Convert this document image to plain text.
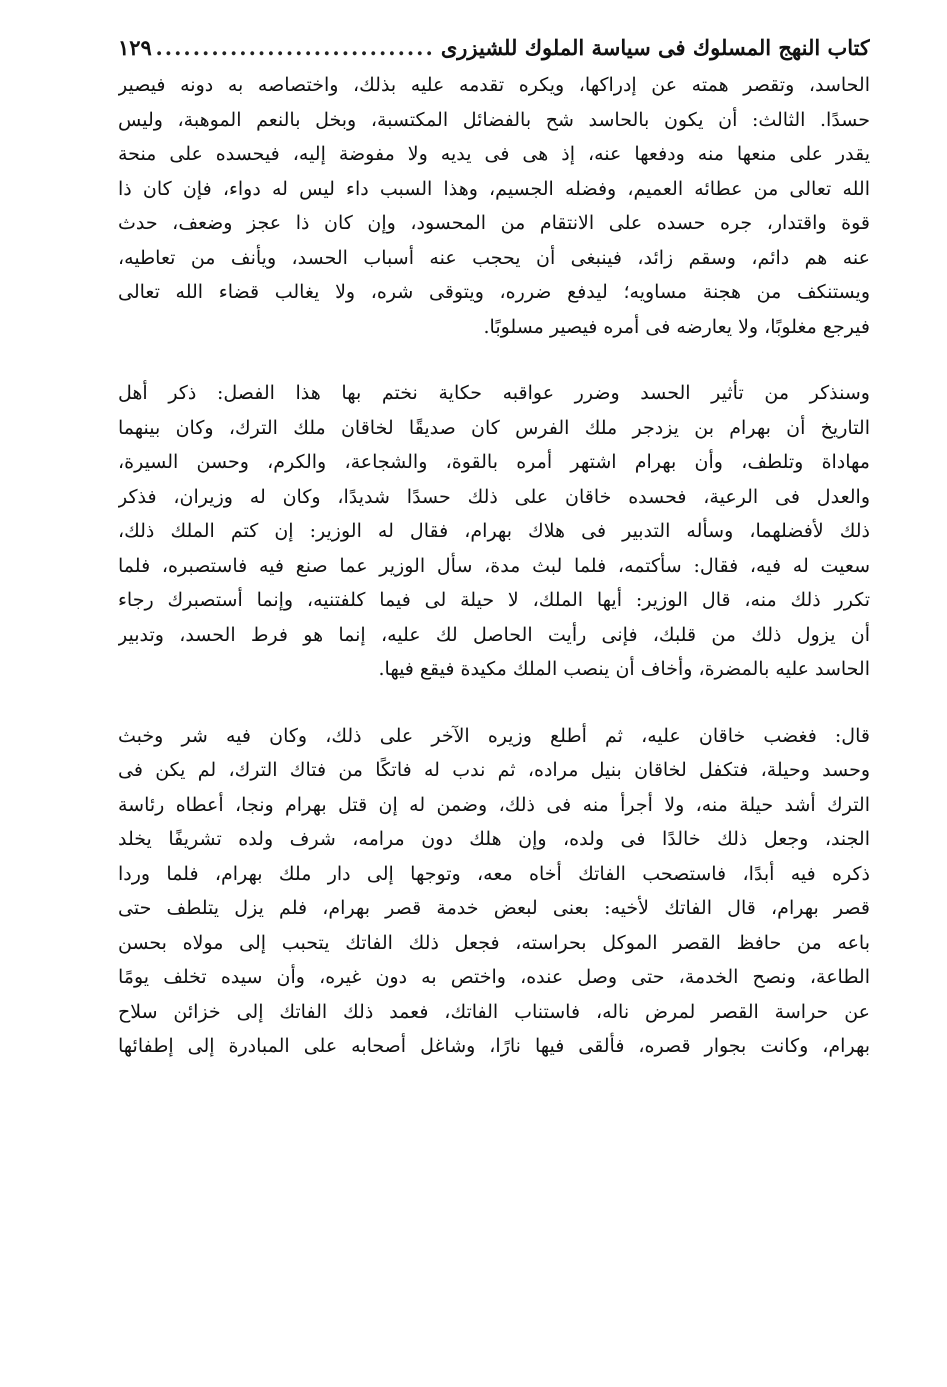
كتاب النهج المسلوك فى سياسة الملوك للشيزرى
.....
١٢٩
الحاسد، وتقصر همته عن إدراكها، ويكره تقدمه عليه بذلك، واختصاصه به دونه فيصير
حسدًا. الثالث: أن يكون بالحاسد شح بالفضائل المكتسبة، وبخل بالنعم الموهبة، وليس
يقدر على منعها منه ودفعها عنه، إذ هى فى يديه ولا مفوضة إليه، فيحسده على منحة
الله تعالى من عطائه العميم، وفضله الجسيم، وهذا السبب داء ليس له دواء، فإن كان ذا
قوة واقتدار، جره حسده على الانتقام من المحسود، وإن كان ذا عجز وضعف، حدث
عنه هم دائم، وسقم زائد، فينبغى أن يحجب عنه أسباب الحسد، ويأنف من تعاطيه،
ويستنكف من هجنة مساويه؛ ليدفع ضرره، ويتوقى شره، ولا يغالب قضاء الله تعالى
فيرجع مغلوبًا، ولا يعارضه فى أمره فيصير مسلوبًا.
وسنذكر من تأثير الحسد وضرر عواقبه حكاية نختم بها هذا الفصل: ذكر أهل
التاريخ أن بهرام بن يزدجر ملك الفرس كان صديقًا لخاقان ملك الترك، وكان بينهما
مهاداة وتلطف، وأن بهرام اشتهر أمره بالقوة، والشجاعة، والكرم، وحسن السيرة،
والعدل فى الرعية، فحسده خاقان على ذلك حسدًا شديدًا، وكان له وزيران، فذكر
ذلك لأفضلهما، وسأله التدبير فى هلاك بهرام، فقال له الوزير: إن كتم الملك ذلك،
سعيت له فيه، فقال: سأكتمه، فلما لبث مدة، سأل الوزير عما صنع فيه فاستصبره، فلما
تكرر ذلك منه، قال الوزير: أيها الملك، لا حيلة لى فيما كلفتنيه، وإنما أستصبرك رجاء
أن يزول ذلك من قلبك، فإنى رأيت الحاصل لك عليه، إنما هو فرط الحسد، وتدبير
الحاسد عليه بالمضرة، وأخاف أن ينصب الملك مكيدة فيقع فيها.
قال: فغضب خاقان عليه، ثم أطلع وزيره الآخر على ذلك، وكان فيه شر وخبث
وحسد وحيلة، فتكفل لخاقان بنيل مراده، ثم ندب له فاتكًا من فتاك الترك، لم يكن فى
الترك أشد حيلة منه، ولا أجرأ منه فى ذلك، وضمن له إن قتل بهرام ونجا، أعطاه رئاسة
الجند، وجعل ذلك خالدًا فى ولده، وإن هلك دون مرامه، شرف ولده تشريفًا يخلد
ذكره فيه أبدًا، فاستصحب الفاتك أخاه معه، وتوجها إلى دار ملك بهرام، فلما وردا
قصر بهرام، قال الفاتك لأخيه: بعنى لبعض خدمة قصر بهرام، فلم يزل يتلطف حتى
باعه من حافظ القصر الموكل بحراسته، فجعل ذلك الفاتك يتحبب إلى مولاه بحسن
الطاعة، ونصح الخدمة، حتى وصل عنده، واختص به دون غيره، وأن سيده تخلف يومًا
عن حراسة القصر لمرض ناله، فاستناب الفاتك، فعمد ذلك الفاتك إلى خزائن سلاح
بهرام، وكانت بجوار قصره، فألقى فيها نارًا، وشاغل أصحابه على المبادرة إلى إطفائها
